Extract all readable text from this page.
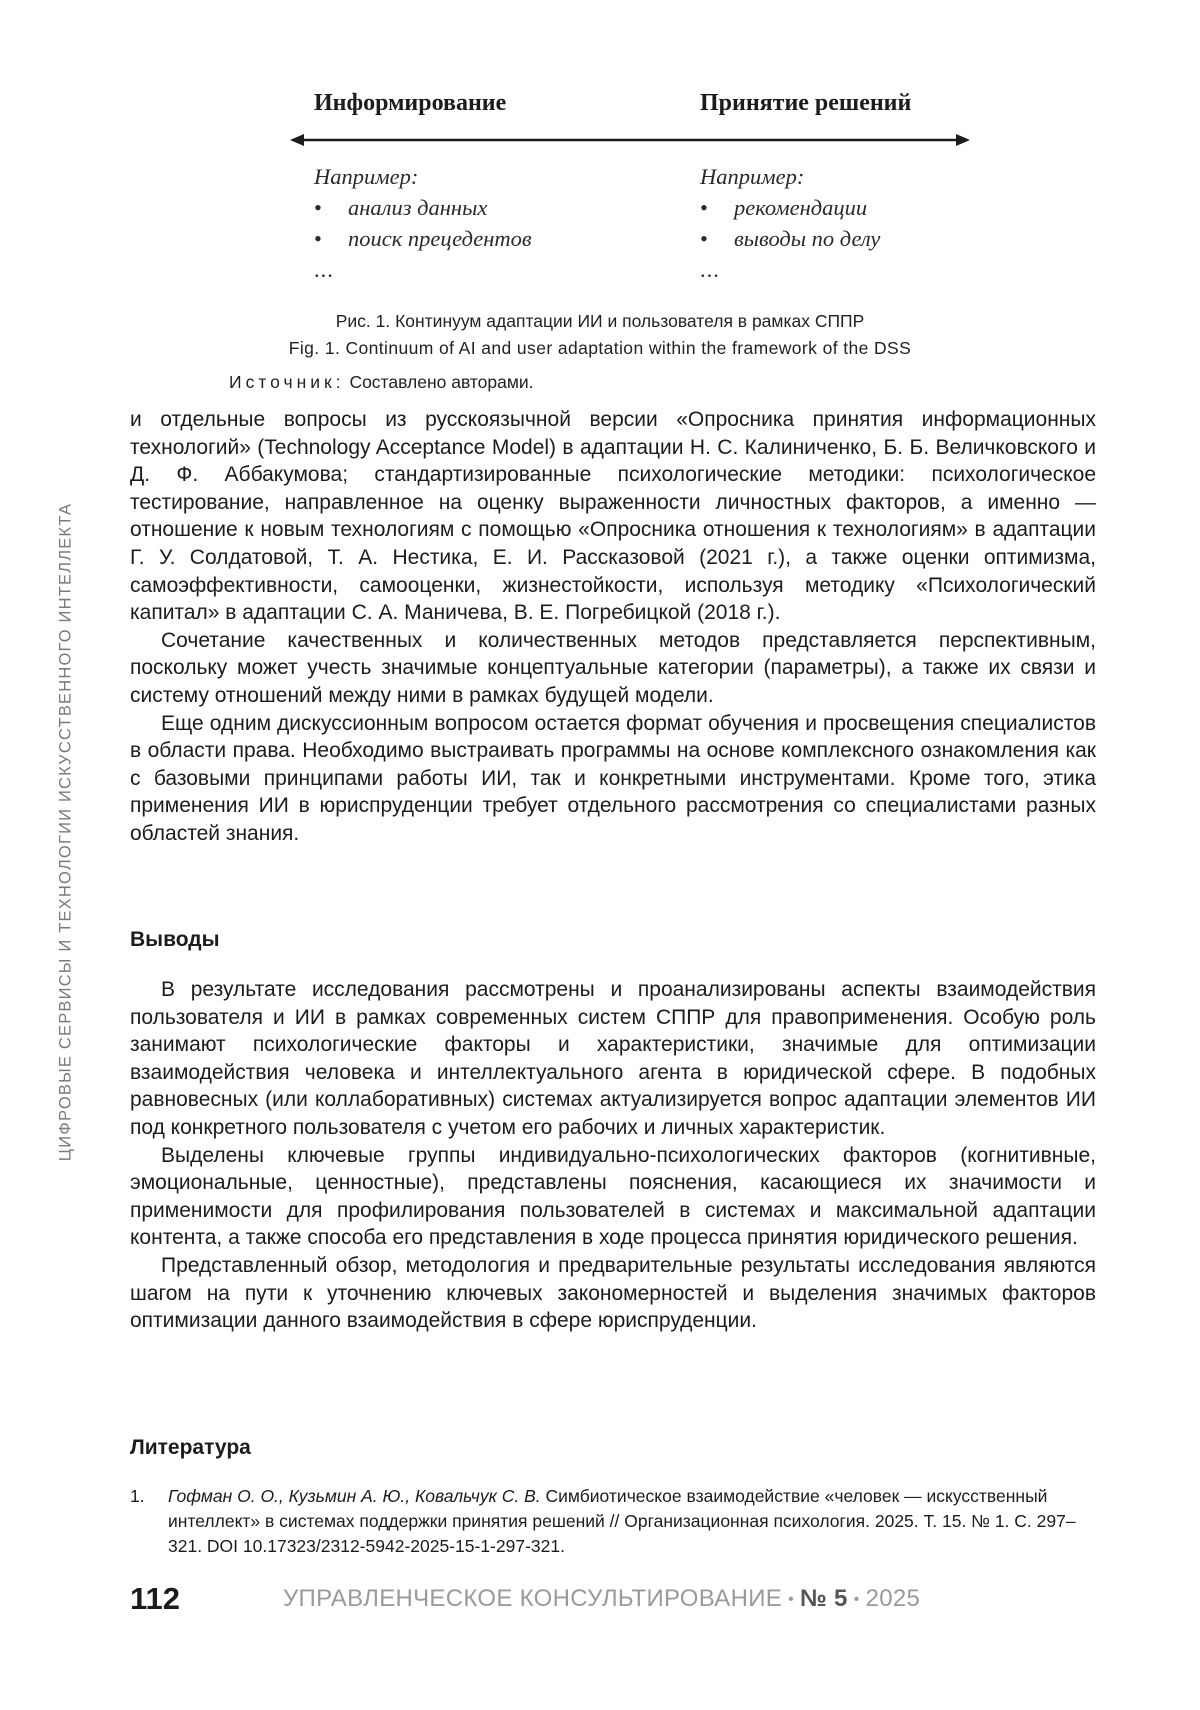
ЦИФРОВЫЕ СЕРВИСЫ И ТЕХНОЛОГИИ ИСКУССТВЕННОГО ИНТЕЛЛЕКТА
Информирование
Например:
• анализ данных
• поиск прецедентов
...
Принятие решений
Например:
• рекомендации
• выводы по делу
...
Рис. 1. Континуум адаптации ИИ и пользователя в рамках СППР
Fig. 1. Continuum of AI and user adaptation within the framework of the DSS
Источник: Составлено авторами.

и отдельные вопросы из русскоязычной версии «Опросника принятия информационных технологий» (Technology Acceptance Model) в адаптации Н. С. Калиниченко, Б. Б. Величковского и Д. Ф. Аббакумова; стандартизированные психологические методики: психологическое тестирование, направленное на оценку выраженности личностных факторов, а именно — отношение к новым технологиям с помощью «Опросника отношения к технологиям» в адаптации Г. У. Солдатовой, Т. А. Нестика, Е. И. Рассказовой (2021 г.), а также оценки оптимизма, самоэффективности, самооценки, жизнестойкости, используя методику «Психологический капитал» в адаптации С. А. Маничева, В. Е. Погребицкой (2018 г.).

Сочетание качественных и количественных методов представляется перспективным, поскольку может учесть значимые концептуальные категории (параметры), а также их связи и систему отношений между ними в рамках будущей модели.

Еще одним дискуссионным вопросом остается формат обучения и просвещения специалистов в области права. Необходимо выстраивать программы на основе комплексного ознакомления как с базовыми принципами работы ИИ, так и конкретными инструментами. Кроме того, этика применения ИИ в юриспруденции требует отдельного рассмотрения со специалистами разных областей знания.

Выводы

В результате исследования рассмотрены и проанализированы аспекты взаимодействия пользователя и ИИ в рамках современных систем СППР для правоприменения. Особую роль занимают психологические факторы и характеристики, значимые для оптимизации взаимодействия человека и интеллектуального агента в юридической сфере. В подобных равновесных (или коллаборативных) системах актуализируется вопрос адаптации элементов ИИ под конкретного пользователя с учетом его рабочих и личных характеристик.

Выделены ключевые группы индивидуально-психологических факторов (когнитивные, эмоциональные, ценностные), представлены пояснения, касающиеся их значимости и применимости для профилирования пользователей в системах и максимальной адаптации контента, а также способа его представления в ходе процесса принятия юридического решения.

Представленный обзор, методология и предварительные результаты исследования являются шагом на пути к уточнению ключевых закономерностей и выделения значимых факторов оптимизации данного взаимодействия в сфере юриспруденции.

Литература
1.	Гофман О. О., Кузьмин А. Ю., Ковальчук С. В. Симбиотическое взаимодействие «человек — искусственный интеллект» в системах поддержки принятия решений // Организационная психология. 2025. Т. 15. № 1. С. 297–321. DOI 10.17323/2312-5942-2025-15-1-297-321.
112	УПРАВЛЕНЧЕСКОЕ КОНСУЛЬТИРОВАНИЕ • № 5 • 2025
